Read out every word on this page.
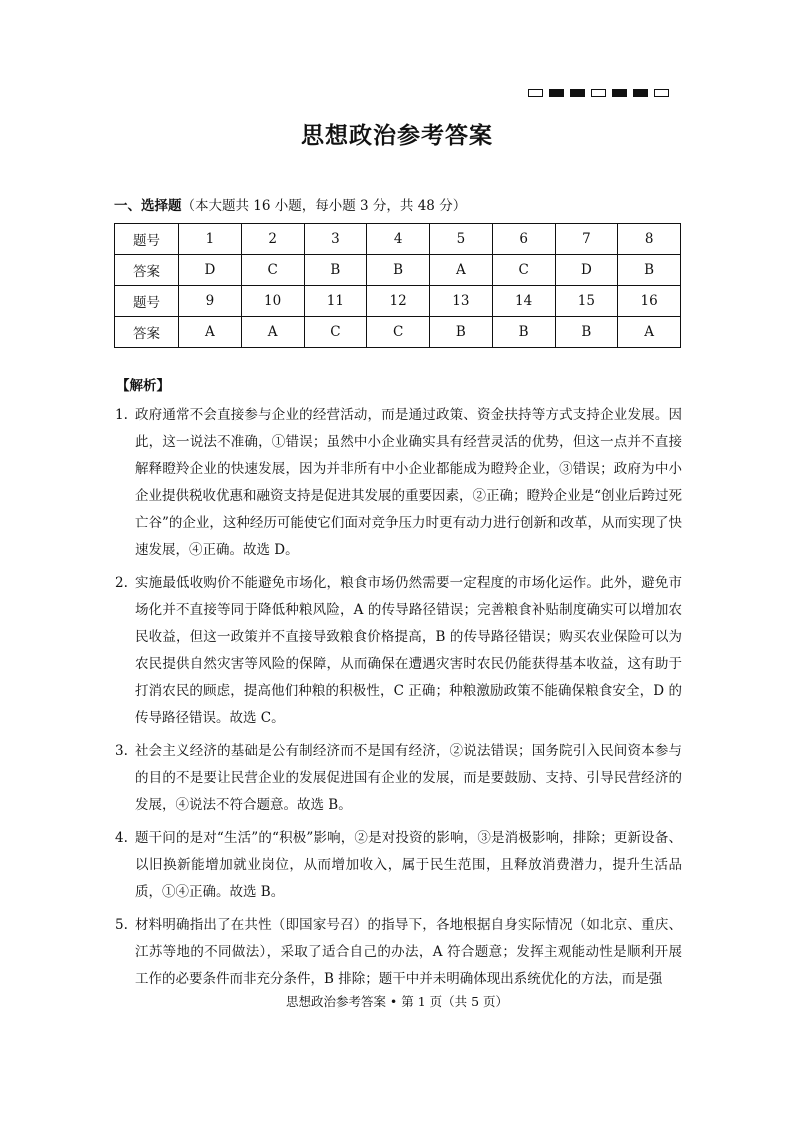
思想政治参考答案
一、选择题（本大题共 16 小题，每小题 3 分，共 48 分）
题号	1	2	3	4	5	6	7	8
答案	D	C	B	B	A	C	D	B
题号	9	10	11	12	13	14	15	16
答案	A	A	C	C	B	B	B	A
【解析】
1. 政府通常不会直接参与企业的经营活动，而是通过政策、资金扶持等方式支持企业发展。因此，这一说法不准确，①错误；虽然中小企业确实具有经营灵活的优势，但这一点并不直接解释瞪羚企业的快速发展，因为并非所有中小企业都能成为瞪羚企业，③错误；政府为中小企业提供税收优惠和融资支持是促进其发展的重要因素，②正确；瞪羚企业是“创业后跨过死亡谷”的企业，这种经历可能使它们面对竞争压力时更有动力进行创新和改革，从而实现了快速发展，④正确。故选 D。

2. 实施最低收购价不能避免市场化，粮食市场仍然需要一定程度的市场化运作。此外，避免市场化并不直接等同于降低种粮风险，A 的传导路径错误；完善粮食补贴制度确实可以增加农民收益，但这一政策并不直接导致粮食价格提高，B 的传导路径错误；购买农业保险可以为农民提供自然灾害等风险的保障，从而确保在遭遇灾害时农民仍能获得基本收益，这有助于打消农民的顾虑，提高他们种粮的积极性，C 正确；种粮激励政策不能确保粮食安全，D 的传导路径错误。故选 C。

3. 社会主义经济的基础是公有制经济而不是国有经济，②说法错误；国务院引入民间资本参与的目的不是要让民营企业的发展促进国有企业的发展，而是要鼓励、支持、引导民营经济的发展，④说法不符合题意。故选 B。

4. 题干问的是对“生活”的“积极”影响，②是对投资的影响，③是消极影响，排除；更新设备、以旧换新能增加就业岗位，从而增加收入，属于民生范围，且释放消费潜力，提升生活品质，①④正确。故选 B。

5. 材料明确指出了在共性（即国家号召）的指导下，各地根据自身实际情况（如北京、重庆、江苏等地的不同做法），采取了适合自己的办法，A 符合题意；发挥主观能动性是顺利开展工作的必要条件而非充分条件，B 排除；题干中并未明确体现出系统优化的方法，而是强

思想政治参考答案 • 第 1 页（共 5 页）
